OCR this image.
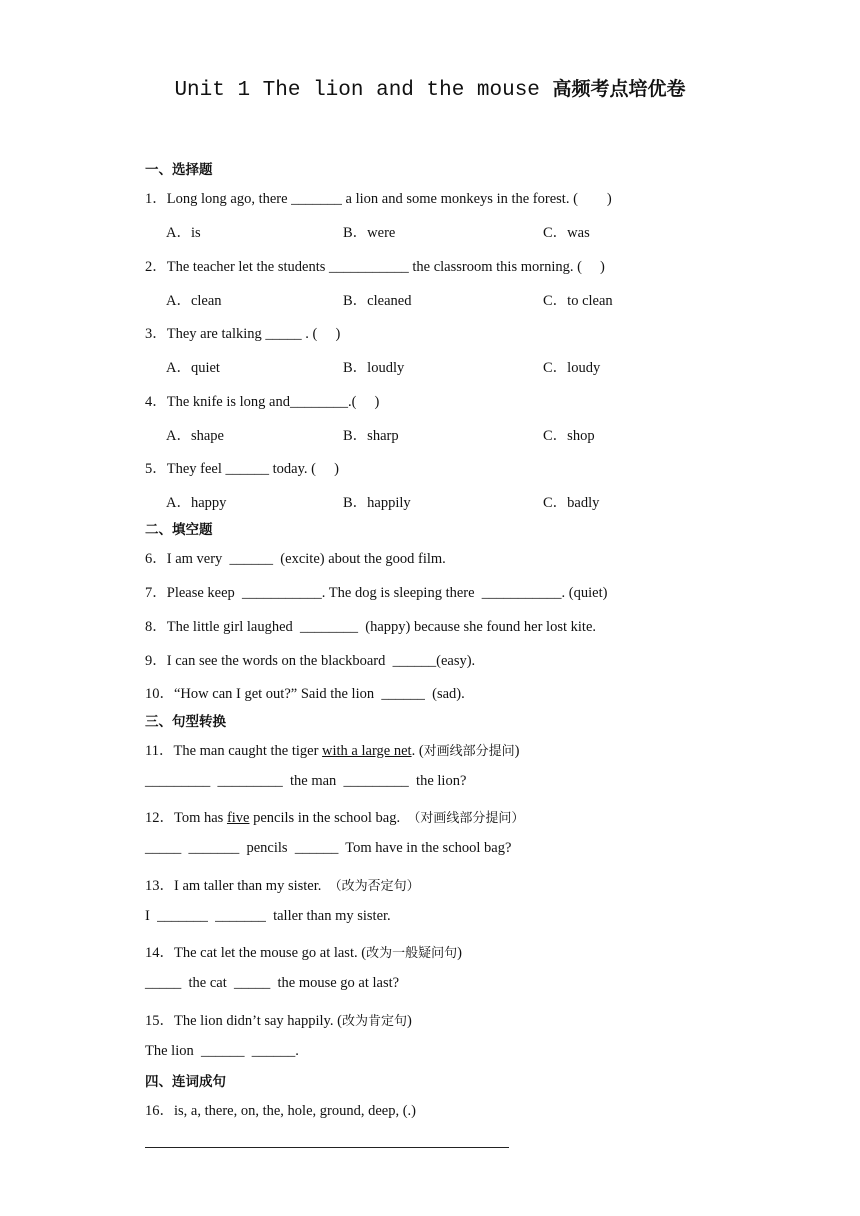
Unit 1 The lion and the mouse 高频考点培优卷
一、选择题
1．Long long ago, there _______ a lion and some monkeys in the forest. (        )
A．is	B．were	C．was
2．The teacher let the students ___________ the classroom this morning. (     )
A．clean	B．cleaned	C．to clean
3．They are talking _____ . (     )
A．quiet	B．loudly	C．loudy
4．The knife is long and________.(     )
A．shape	B．sharp	C．shop
5．They feel ______ today. (     )
A．happy	B．happily	C．badly
二、填空题
6．I am very  ______  (excite) about the good film.
7．Please keep  ___________. The dog is sleeping there  ___________. (quiet)
8．The little girl laughed  ________  (happy) because she found her lost kite.
9．I can see the words on the blackboard  ______(easy).
10．“How can I get out?” Said the lion  ______  (sad).
三、句型转换
11．The man caught the tiger with a large net. (对画线部分提问)
_________  _________  the man  _________  the lion?
12．Tom has five pencils in the school bag.  （对画线部分提问）
_____  _______  pencils  ______  Tom have in the school bag?
13．I am taller than my sister.  （改为否定句）
I  _______  _______  taller than my sister.
14．The cat let the mouse go at last. (改为一般疑问句)
_____  the cat  _____  the mouse go at last?
15．The lion didn’t say happily. (改为肯定句)
The lion  ______  ______.
四、连词成句
16．is, a, there, on, the, hole, ground, deep, (.)
